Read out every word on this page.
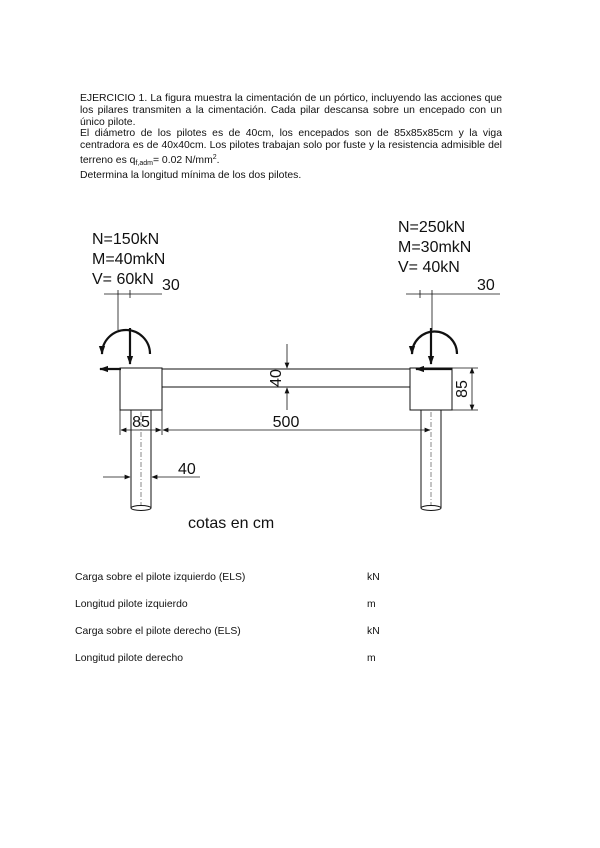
EJERCICIO 1. La figura muestra la cimentación de un pórtico, incluyendo las acciones que los pilares transmiten a la cimentación. Cada pilar descansa sobre un encepado con un único pilote.

El diámetro de los pilotes es de 40cm, los encepados son de 85x85x85cm y la viga centradora es de 40x40cm. Los pilotes trabajan solo por fuste y la resistencia admisible del terreno es $q_{f,adm}= 0.02$ $N/mm^2$.

Determina la longitud mínima de los dos pilotes.

N=150kN
M=40mkN
V= 60kN 30
N=250kN
M=30mkN
V= 40kN
30
40
85
85	500
40
cotas en cm
Carga sobre el pilote izquierdo (ELS)	kN
Longitud pilote izquierdo	m
Carga sobre el pilote derecho (ELS)	kN
Longitud pilote derecho	m
